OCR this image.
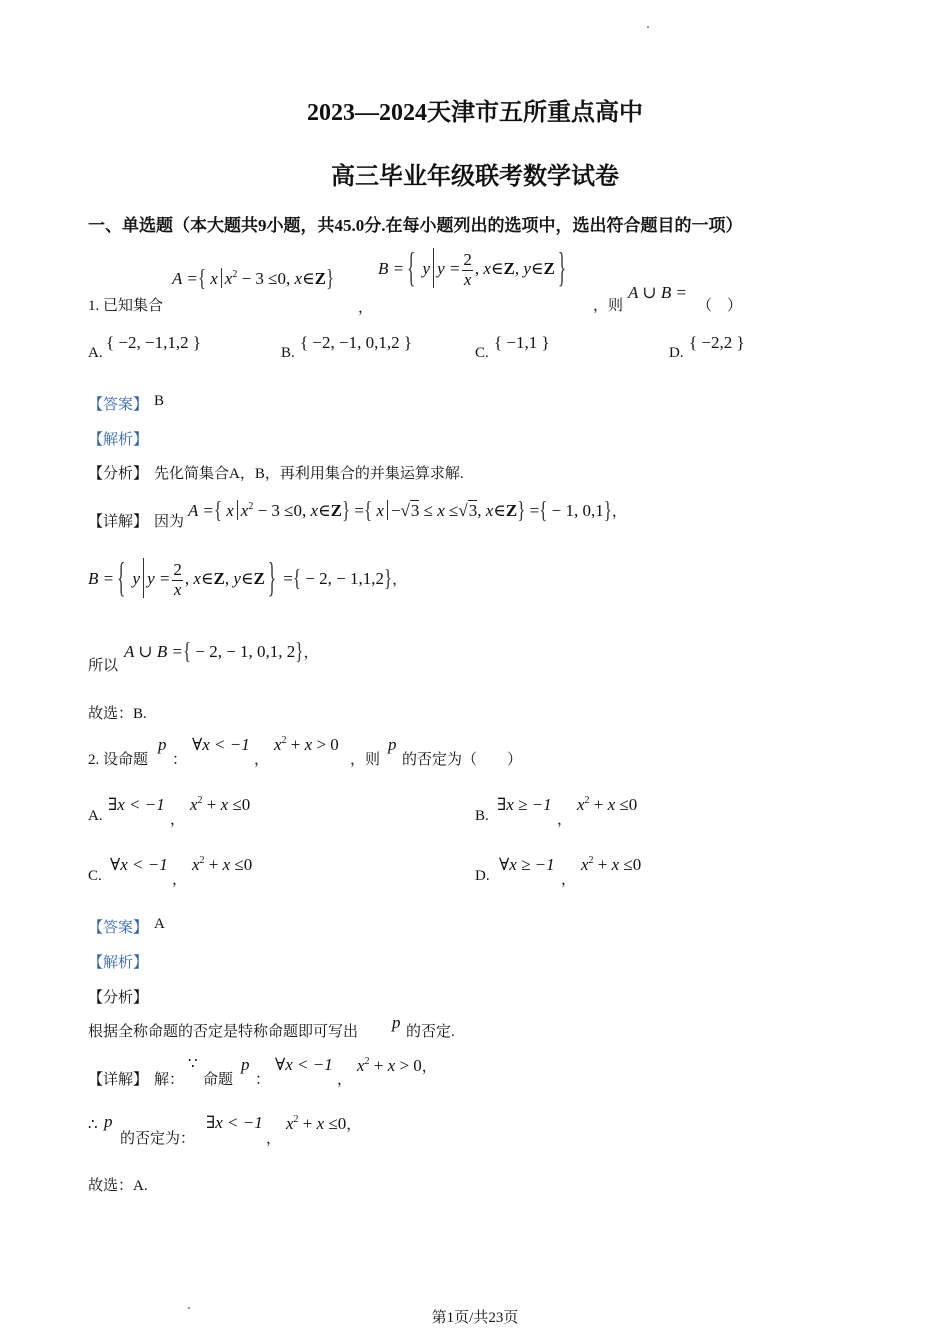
2023—2024天津市五所重点高中
高三毕业年级联考数学试卷
一、单选题（本大题共9小题，共45.0分.在每小题列出的选项中，选出符合题目的一项）
1. 已知集合
A ={ x $x^2 - 3 \le 0$, x∈Z}
，
B = { y $y = \frac{2}{x}$ , x∈Z, y∈Z }
，则
A ∪ B =
（　）
A.
{ −2, −1,1,2 }
B.
{ −2, −1, 0,1,2 }
C.
{ −1,1 }
D.
{ −2,2 }
【答案】 B
【解析】
【分析】 先化简集合A，B，再利用集合的并集运算求解.
【详解】 因为
A ={ x $x^2 - 3 \le 0$, x∈Z} ={ x −√3 ≤ x ≤√3, x∈Z} ={ − 1, 0,1}，
B = { y $y = \frac{2}{x}$ , x∈Z, y∈Z } ={ − 2, − 1,1,2}，
所以
A ∪ B ={ − 2, − 1, 0,1, 2}，
故选：B.
2. 设命题
p
：
∀x < −1
，
$x^2 + x > 0$
，则
p
的否定为（　　）
A.
∃x < −1
，
$x^2 + x \le 0$
B.
∃x ≥ −1
，
$x^2 + x \le 0$
C.
∀x < −1
，
$x^2 + x \le 0$
D.
∀x ≥ −1
，
$x^2 + x \le 0$
【答案】 A
【解析】
【分析】
根据全称命题的否定是特称命题即可写出 p 的否定.
【详解】 解：
∵
命题
p
：
∀x < −1
，
$x^2 + x > 0$，
∴ p
的否定为：
∃x < −1
，
$x^2 + x \le 0$，
故选：A.
第1页/共23页
